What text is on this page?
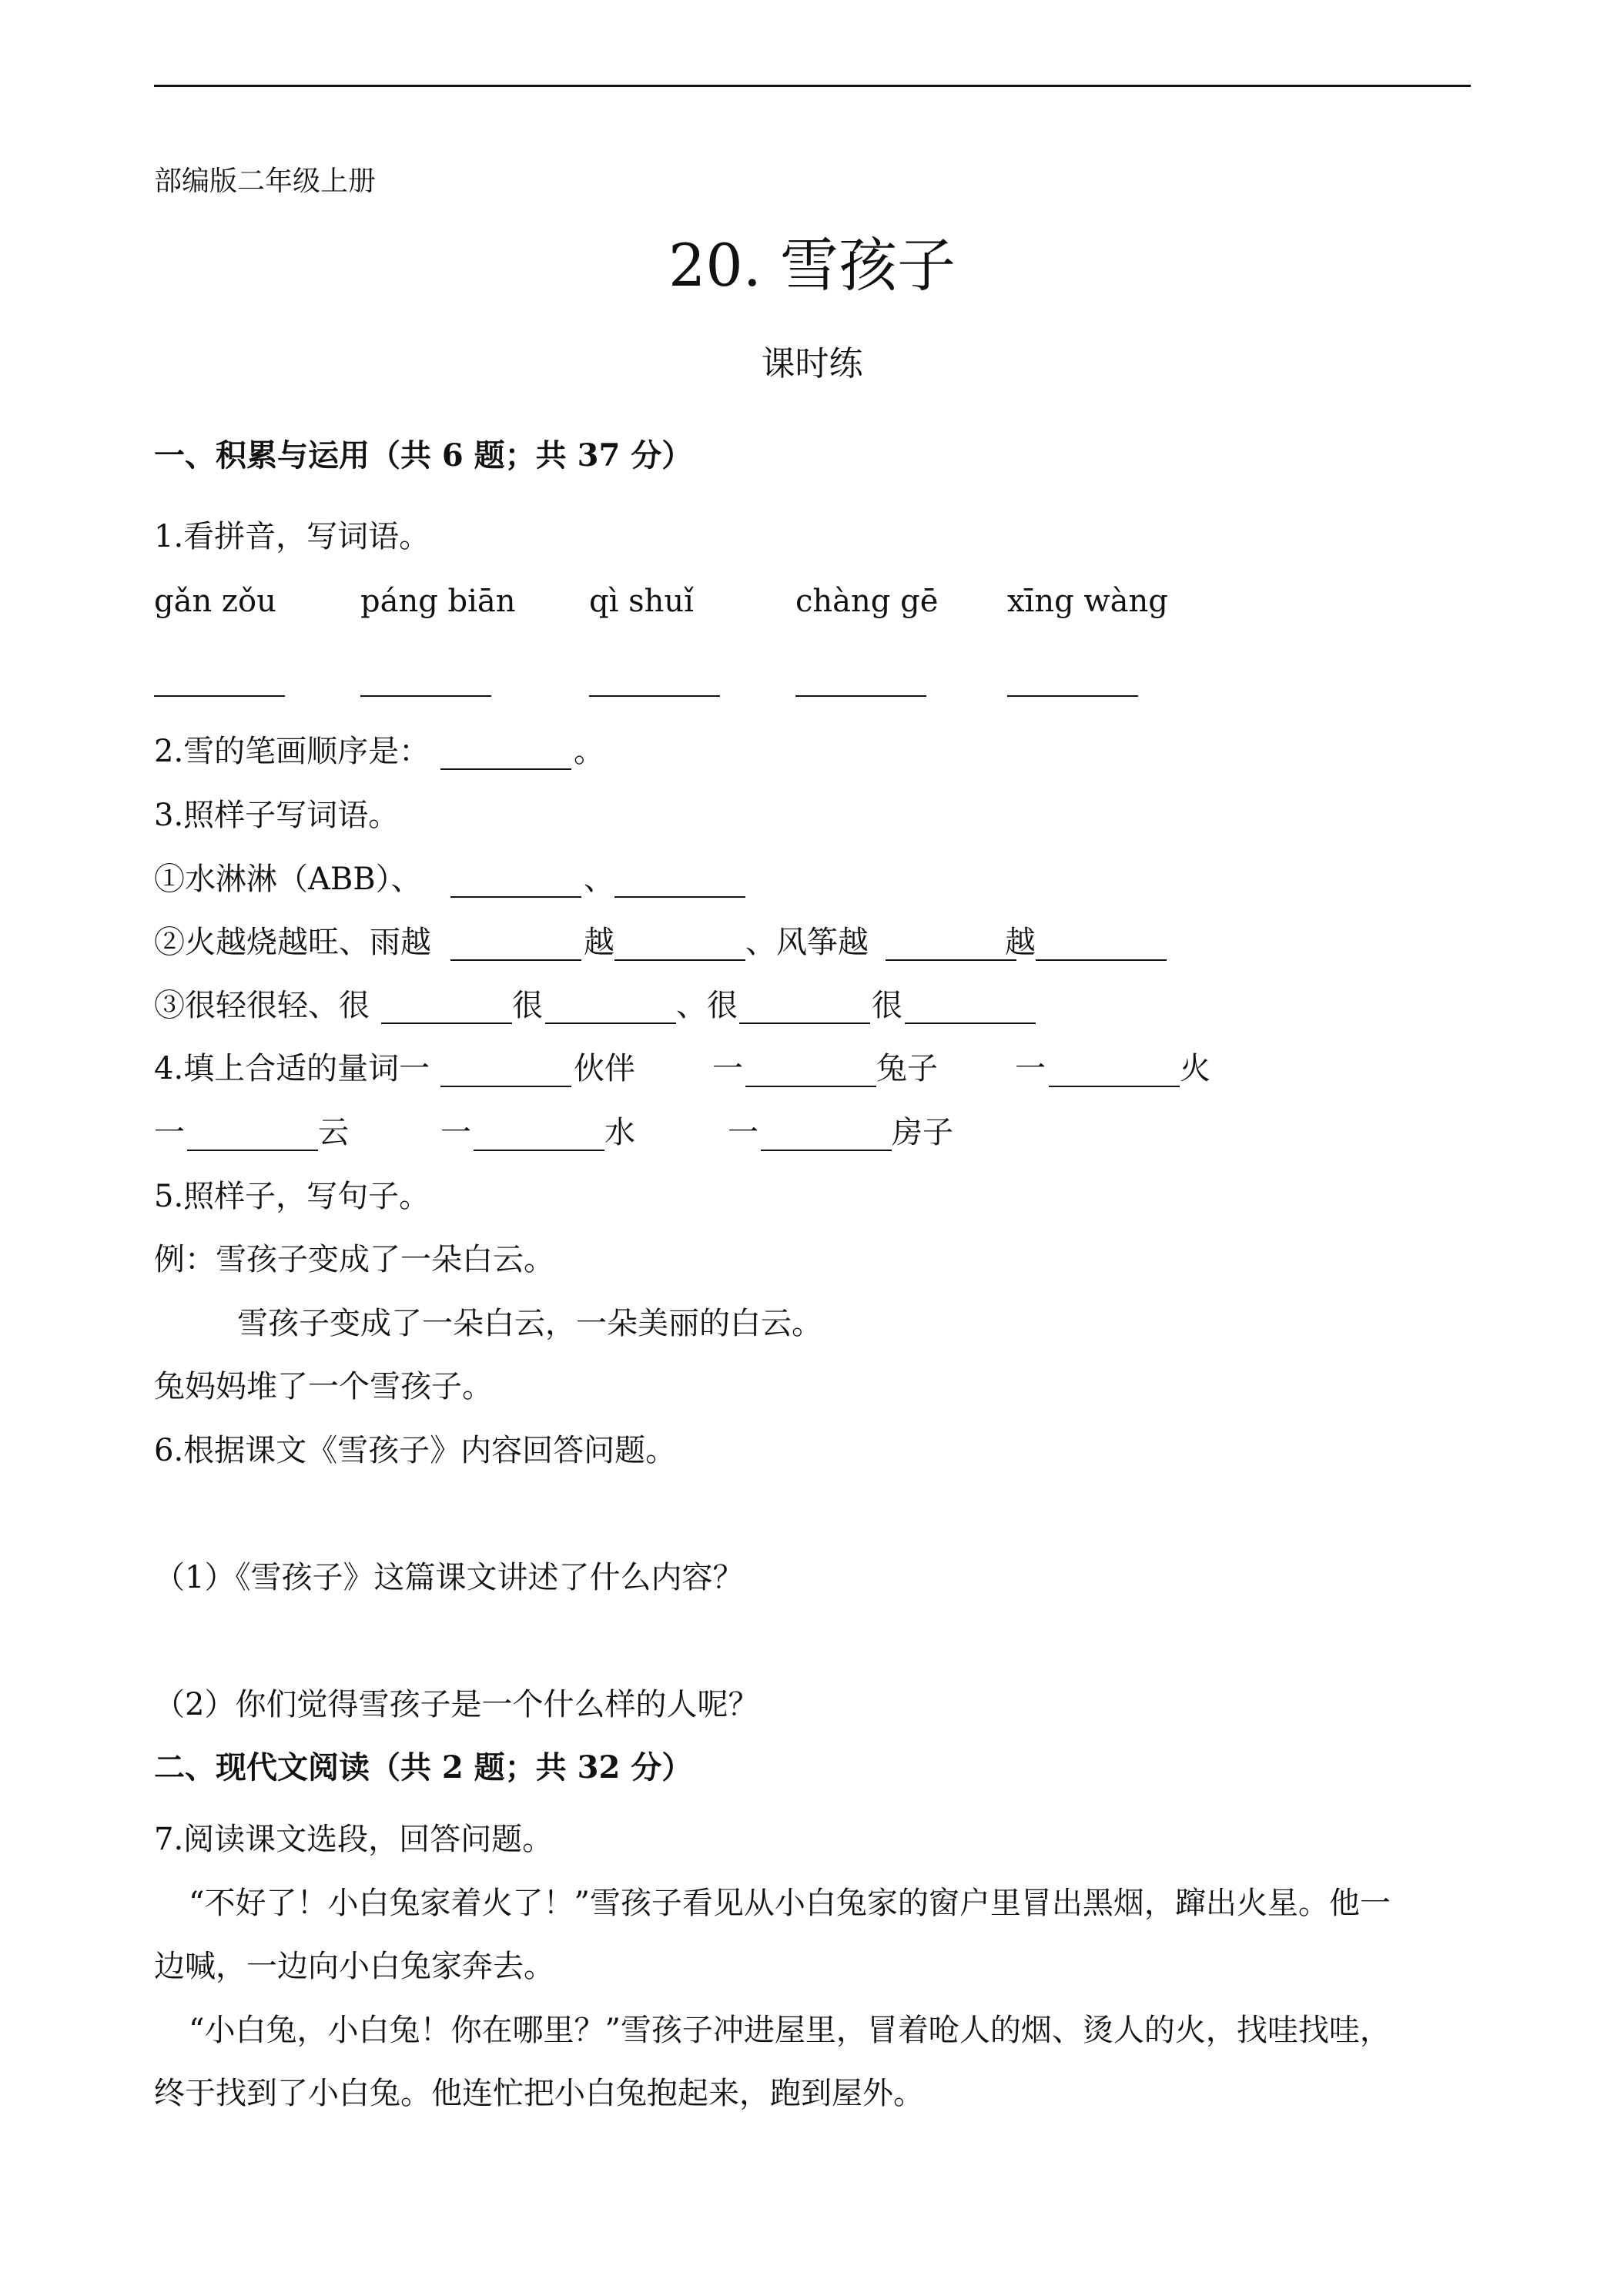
部编版二年级上册
20. 雪孩子
课时练
一、积累与运用（共 6 题；共 37 分）
1.看拼音，写词语。
gǎn zǒu	páng biān qì shuǐ	chàng gē xīng wàng
2.雪的笔画顺序是：	。
3.照样子写词语。
①水淋淋（ABB）、	、
②火越烧越旺、雨越	越	、风筝越	越
③很轻很轻、很	很	、很	很
4.填上合适的量词一	伙伴	一	兔子	一	火
一	云	一	水	一	房子
5.照样子，写句子。
例：雪孩子变成了一朵白云。
雪孩子变成了一朵白云，一朵美丽的白云。
兔妈妈堆了一个雪孩子。
6.根据课文《雪孩子》内容回答问题。
（1）《雪孩子》这篇课文讲述了什么内容？
（2）你们觉得雪孩子是一个什么样的人呢？
二、现代文阅读（共 2 题；共 32 分）
7.阅读课文选段，回答问题。
“不好了！小白兔家着火了！”雪孩子看见从小白兔家的窗户里冒出黑烟，蹿出火星。他一
边喊，一边向小白兔家奔去。
“小白兔，小白兔！你在哪里？”雪孩子冲进屋里，冒着呛人的烟、烫人的火，找哇找哇，
终于找到了小白兔。他连忙把小白兔抱起来，跑到屋外。
